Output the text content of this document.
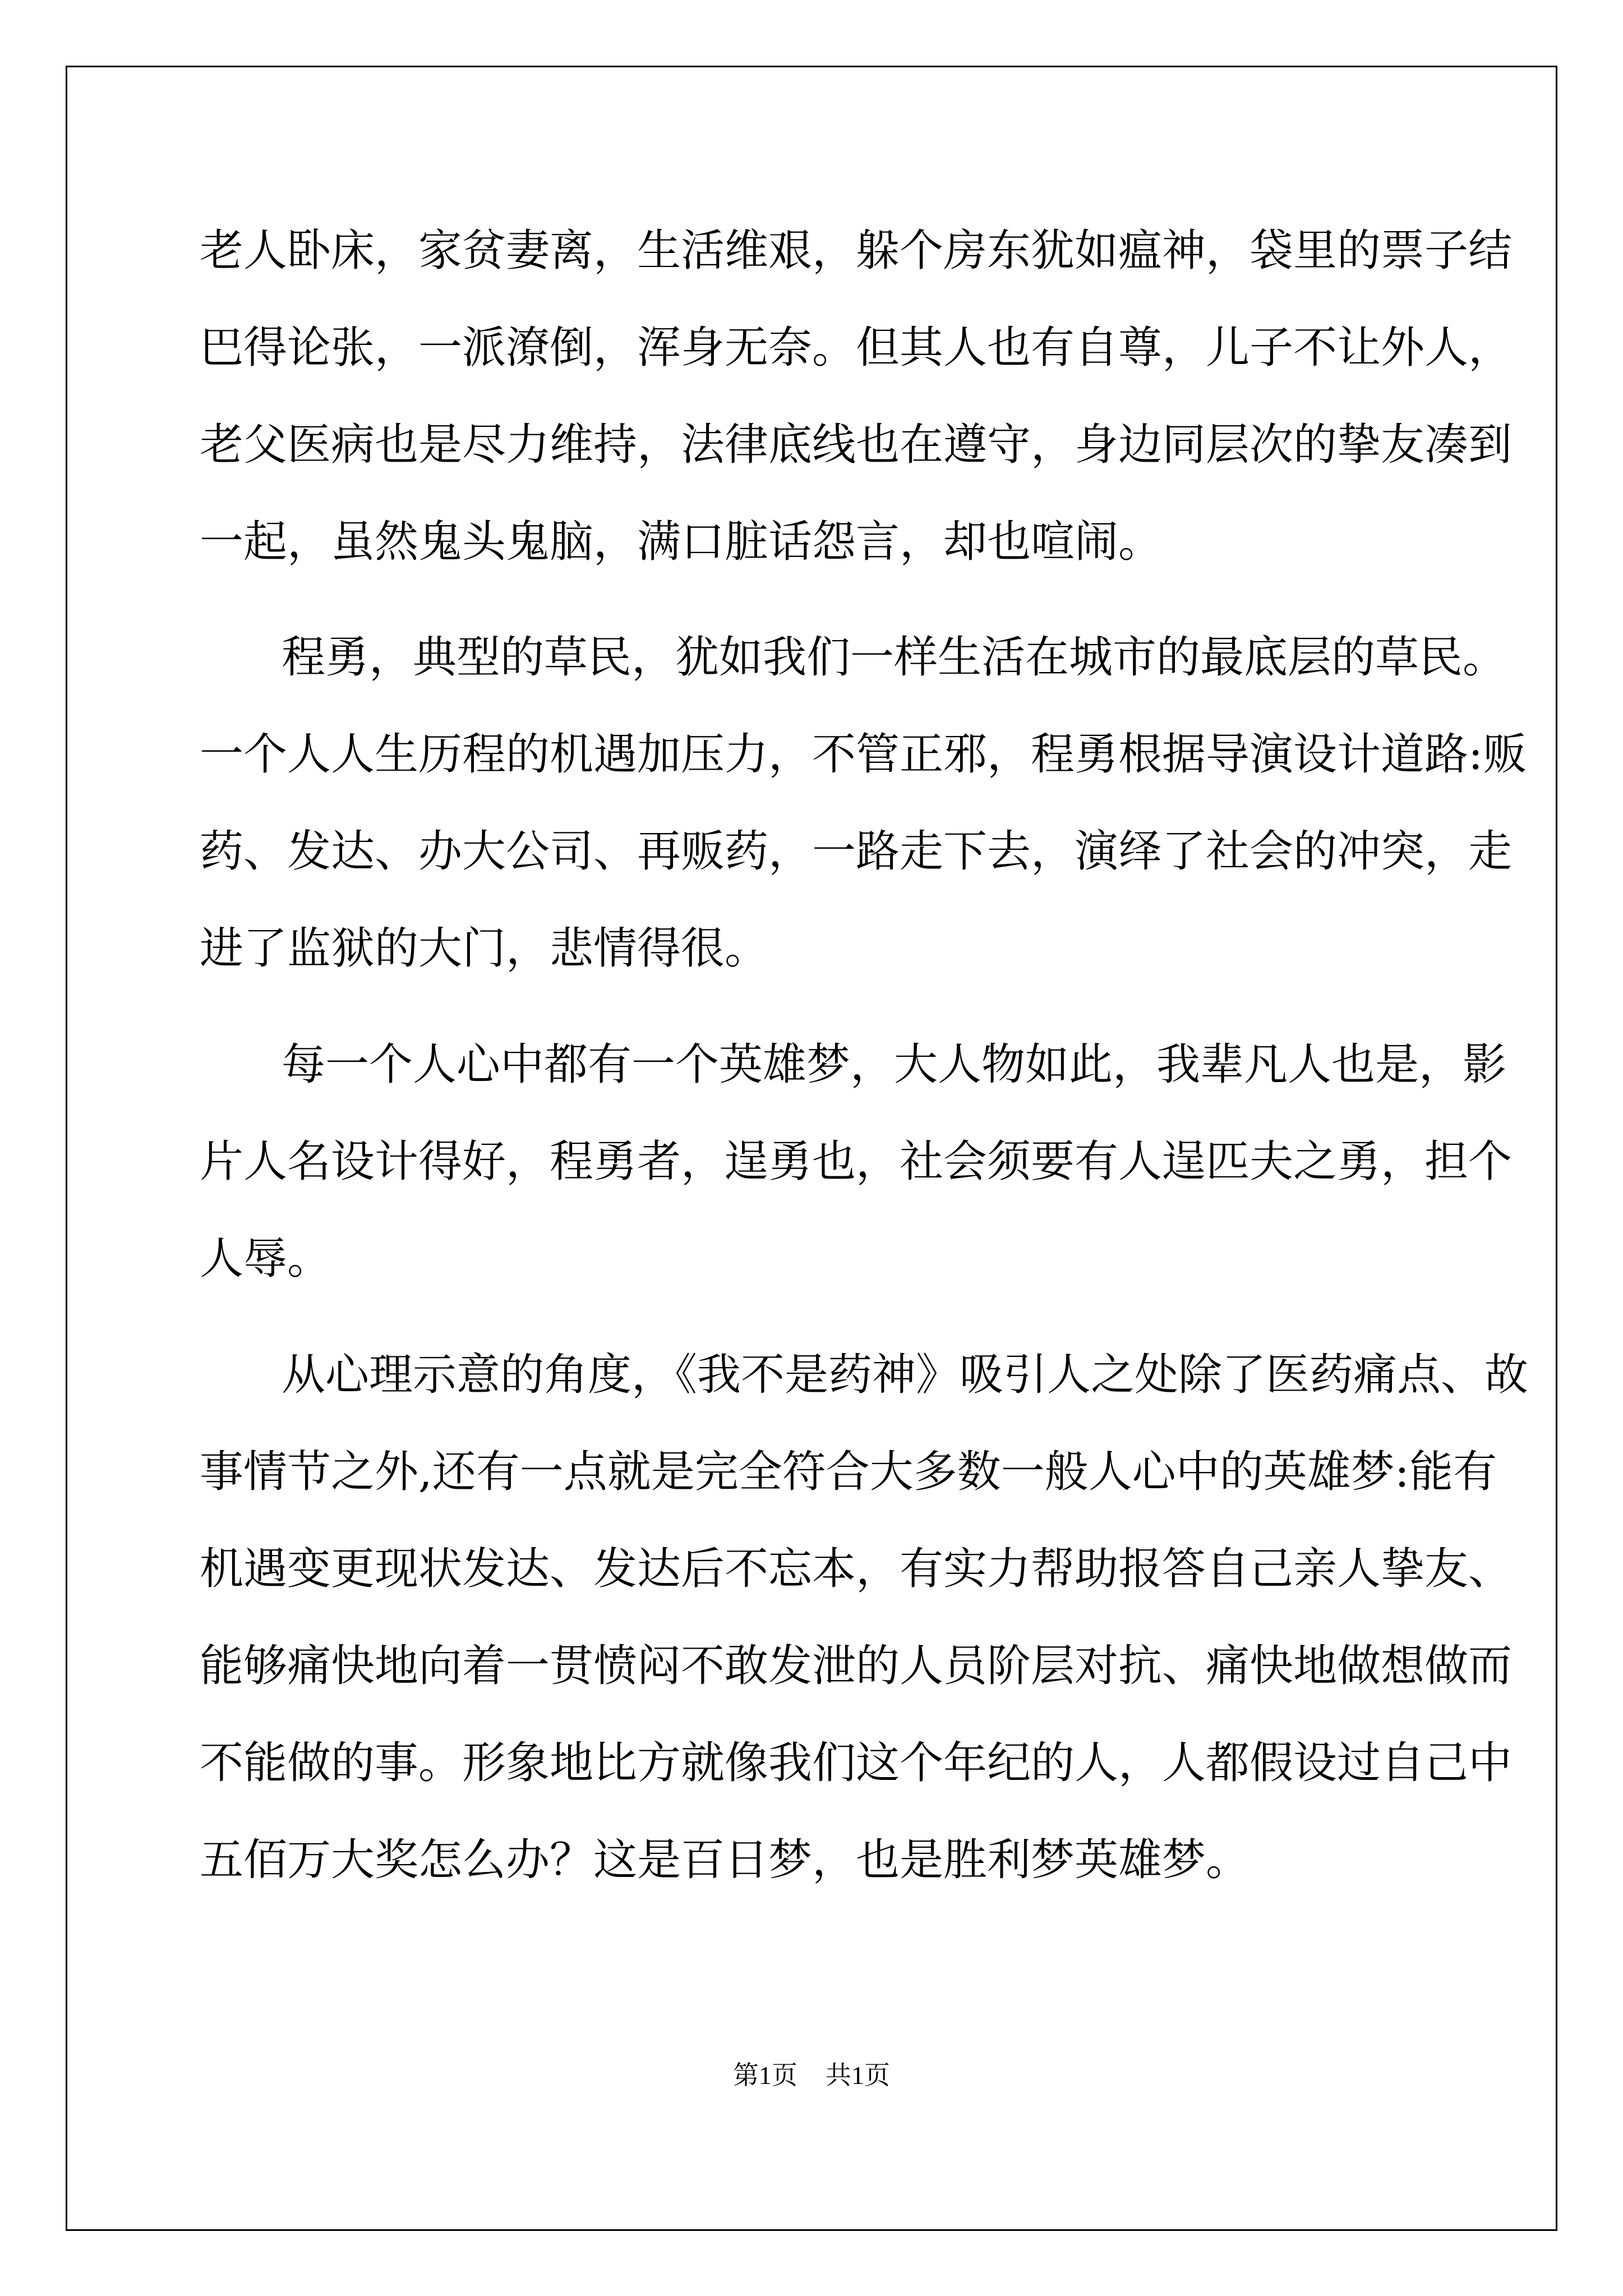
老人卧床，家贫妻离，生活维艰，躲个房东犹如瘟神，袋里的票子结
巴得论张，一派潦倒，浑身无奈。但其人也有自尊，儿子不让外人，
老父医病也是尽力维持，法律底线也在遵守，身边同层次的挚友凑到
一起，虽然鬼头鬼脑，满口脏话怨言，却也喧闹。
程勇，典型的草民，犹如我们一样生活在城市的最底层的草民。
一个人人生历程的机遇加压力，不管正邪，程勇根据导演设计道路:贩
药、发达、办大公司、再贩药，一路走下去，演绎了社会的冲突，走
进了监狱的大门，悲情得很。
每一个人心中都有一个英雄梦，大人物如此，我辈凡人也是，影
片人名设计得好，程勇者，逞勇也，社会须要有人逞匹夫之勇，担个
人辱。
从心理示意的角度，《我不是药神》吸引人之处除了医药痛点、故
事情节之外,还有一点就是完全符合大多数一般人心中的英雄梦:能有
机遇变更现状发达、发达后不忘本，有实力帮助报答自己亲人挚友、
能够痛快地向着一贯愤闷不敢发泄的人员阶层对抗、痛快地做想做而
不能做的事。形象地比方就像我们这个年纪的人，人都假设过自己中
五佰万大奖怎么办？这是百日梦，也是胜利梦英雄梦。
第1页 共1页
